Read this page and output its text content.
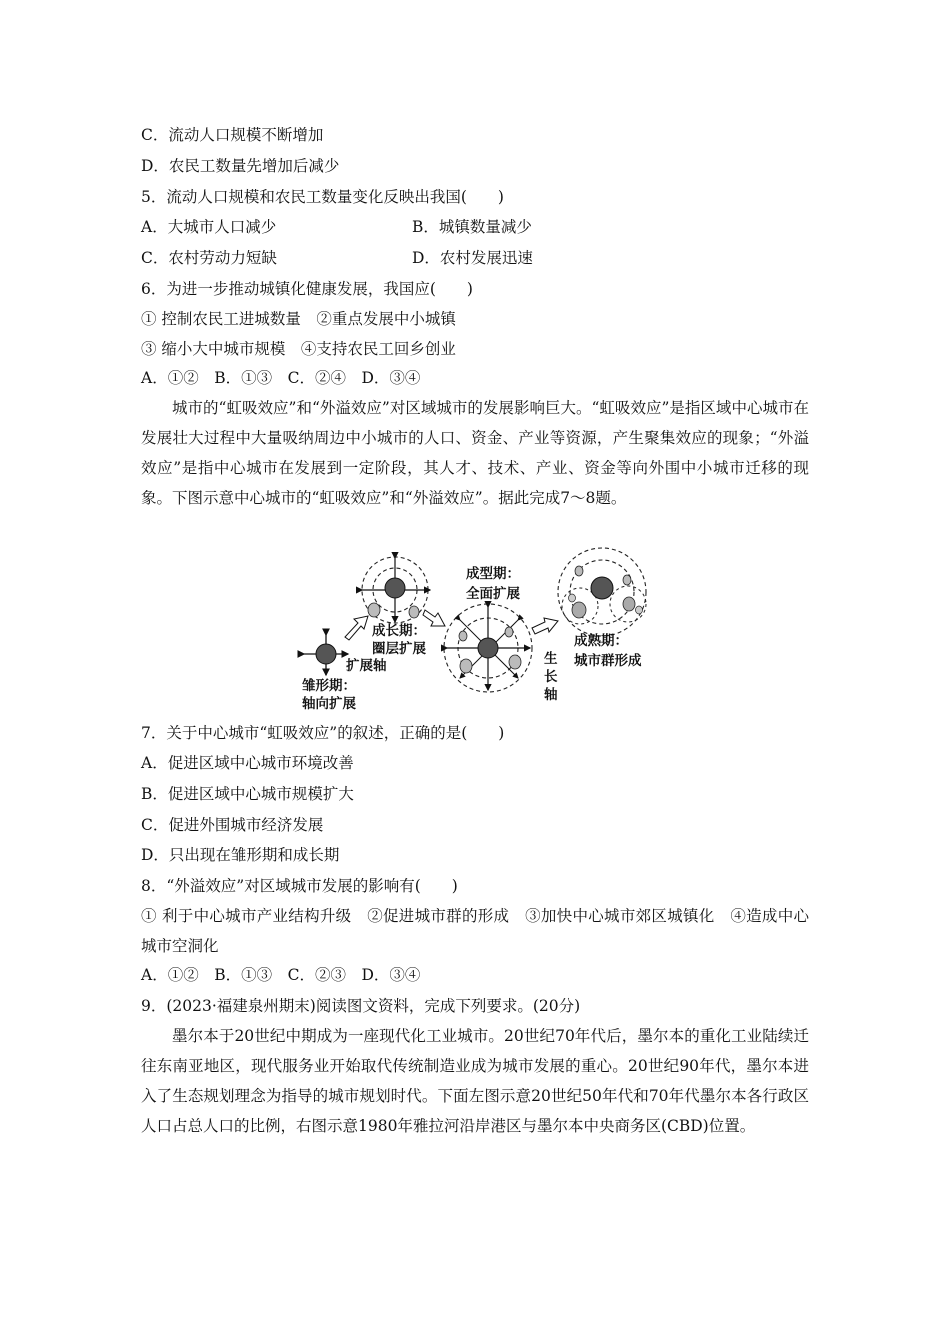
C．流动人口规模不断增加
D．农民工数量先增加后减少
5．流动人口规模和农民工数量变化反映出我国(　　)
A．大城市人口减少	B．城镇数量减少
C．农村劳动力短缺	D．农村发展迅速
6．为进一步推动城镇化健康发展，我国应(　　)
① 控制农民工进城数量　②重点发展中小城镇
③ 缩小大中城市规模　④支持农民工回乡创业
A．①②　B．①③　C．②④　D．③④
城市的“虹吸效应”和“外溢效应”对区域城市的发展影响巨大。“虹吸效应”是指区域中心城市在发展壮大过程中大量吸纳周边中小城市的人口、资金、产业等资源，产生聚集效应的现象；“外溢效应”是指中心城市在发展到一定阶段，其人才、技术、产业、资金等向外围中小城市迁移的现象。下图示意中心城市的“虹吸效应”和“外溢效应”。据此完成7～8题。
雏形期：
轴向扩展
扩展轴
成长期：
圈层扩展
成型期：
全面扩展
生
长
轴
成熟期：
城市群形成
7．关于中心城市“虹吸效应”的叙述，正确的是(　　)
A．促进区域中心城市环境改善
B．促进区域中心城市规模扩大
C．促进外围城市经济发展
D．只出现在雏形期和成长期
8．“外溢效应”对区域城市发展的影响有(　　)
① 利于中心城市产业结构升级　②促进城市群的形成　③加快中心城市郊区城镇化　④造成中心城市空洞化
A．①②　B．①③　C．②③　D．③④
9．(2023·福建泉州期末)阅读图文资料，完成下列要求。(20分)
墨尔本于20世纪中期成为一座现代化工业城市。20世纪70年代后，墨尔本的重化工业陆续迁往东南亚地区，现代服务业开始取代传统制造业成为城市发展的重心。20世纪90年代，墨尔本进入了生态规划理念为指导的城市规划时代。下面左图示意20世纪50年代和70年代墨尔本各行政区人口占总人口的比例，右图示意1980年雅拉河沿岸港区与墨尔本中央商务区(CBD)位置。
